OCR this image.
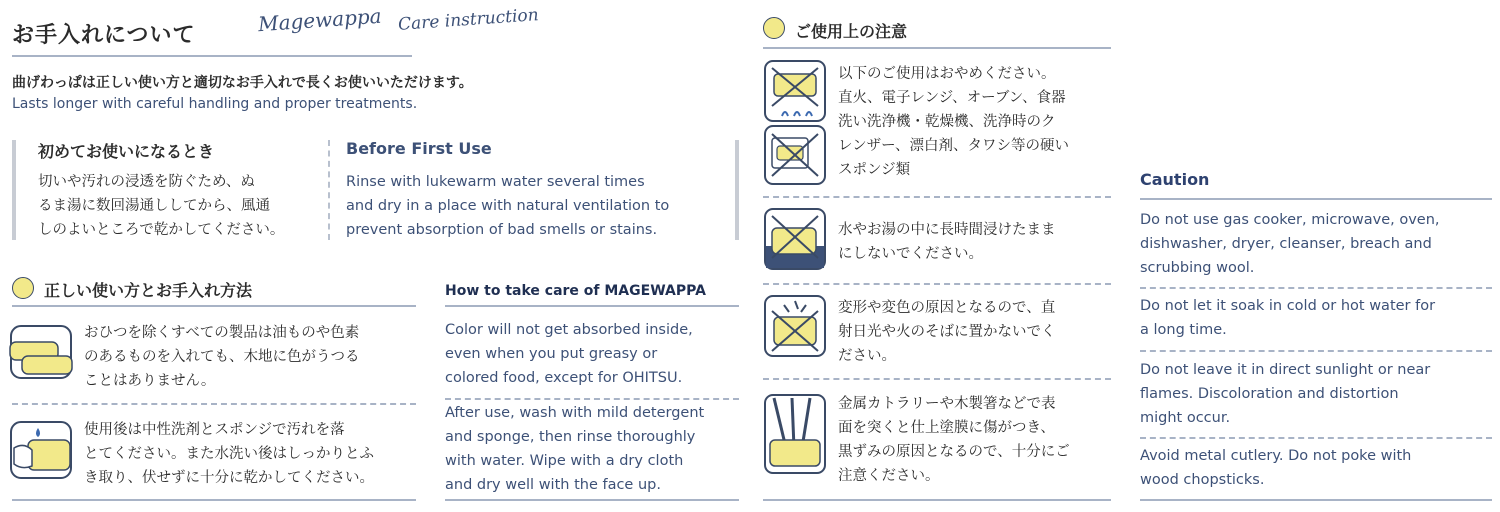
お手入れについて	Magewappa Care instruction
曲げわっぱは正しい使い方と適切なお手入れで長くお使いいただけます。
Lasts longer with careful handling and proper treatments.
初めてお使いになるとき
切いや汚れの浸透を防ぐため、ぬ
るま湯に数回湯通ししてから、風通
しのよいところで乾かしてください。
Before First Use
Rinse with lukewarm water several times
and dry in a place with natural ventilation to
prevent absorption of bad smells or stains.
正しい使い方とお手入れ方法	How to take care of MAGEWAPPA
おひつを除くすべての製品は油ものや色素
のあるものを入れても、木地に色がうつる
ことはありません。
Color will not get absorbed inside,
even when you put greasy or
colored food, except for OHITSU.
使用後は中性洗剤とスポンジで汚れを落
とてください。また水洗い後はしっかりとふ
き取り、伏せずに十分に乾かしてください。
After use, wash with mild detergent
and sponge, then rinse thoroughly
with water. Wipe with a dry cloth
and dry well with the face up.
ご使用上の注意
以下のご使用はおやめください。
直火、電子レンジ、オーブン、食器
洗い洗浄機・乾燥機、洗浄時のク
レンザー、漂白剤、タワシ等の硬い
スポンジ類
水やお湯の中に長時間浸けたまま
にしないでください。
変形や変色の原因となるので、直
射日光や火のそばに置かないでく
ださい。
金属カトラリーや木製箸などで表
面を突くと仕上塗膜に傷がつき、
黒ずみの原因となるので、十分にご
注意ください。
Caution
Do not use gas cooker, microwave, oven,
dishwasher, dryer, cleanser, breach and
scrubbing wool.
Do not let it soak in cold or hot water for
a long time.
Do not leave it in direct sunlight or near
flames. Discoloration and distortion
might occur.
Avoid metal cutlery. Do not poke with
wood chopsticks.
